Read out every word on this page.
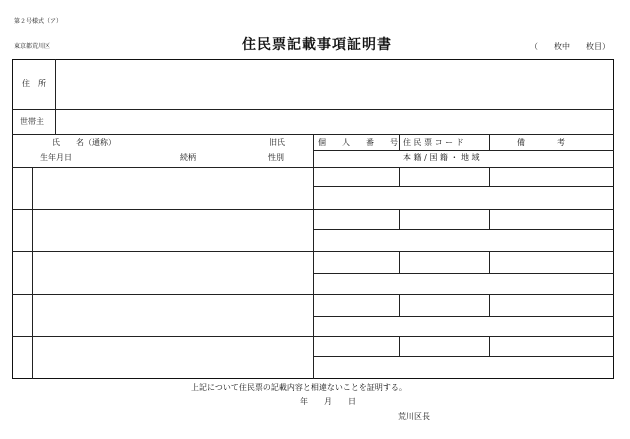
第２号様式（ア）
東京都荒川区	住民票記載事項証明書	（　　枚中　　枚目）
住　所
世帯主
氏　　名（通称）	旧氏
生年月日	続柄	性別
個　　人　　番　　号 住 民 票 コ ー ド	備　　　　考
本 籍 / 国 籍 ・ 地 域
上記について住民票の記載内容と相違ないことを証明する。
年　　月　　日
荒川区長
